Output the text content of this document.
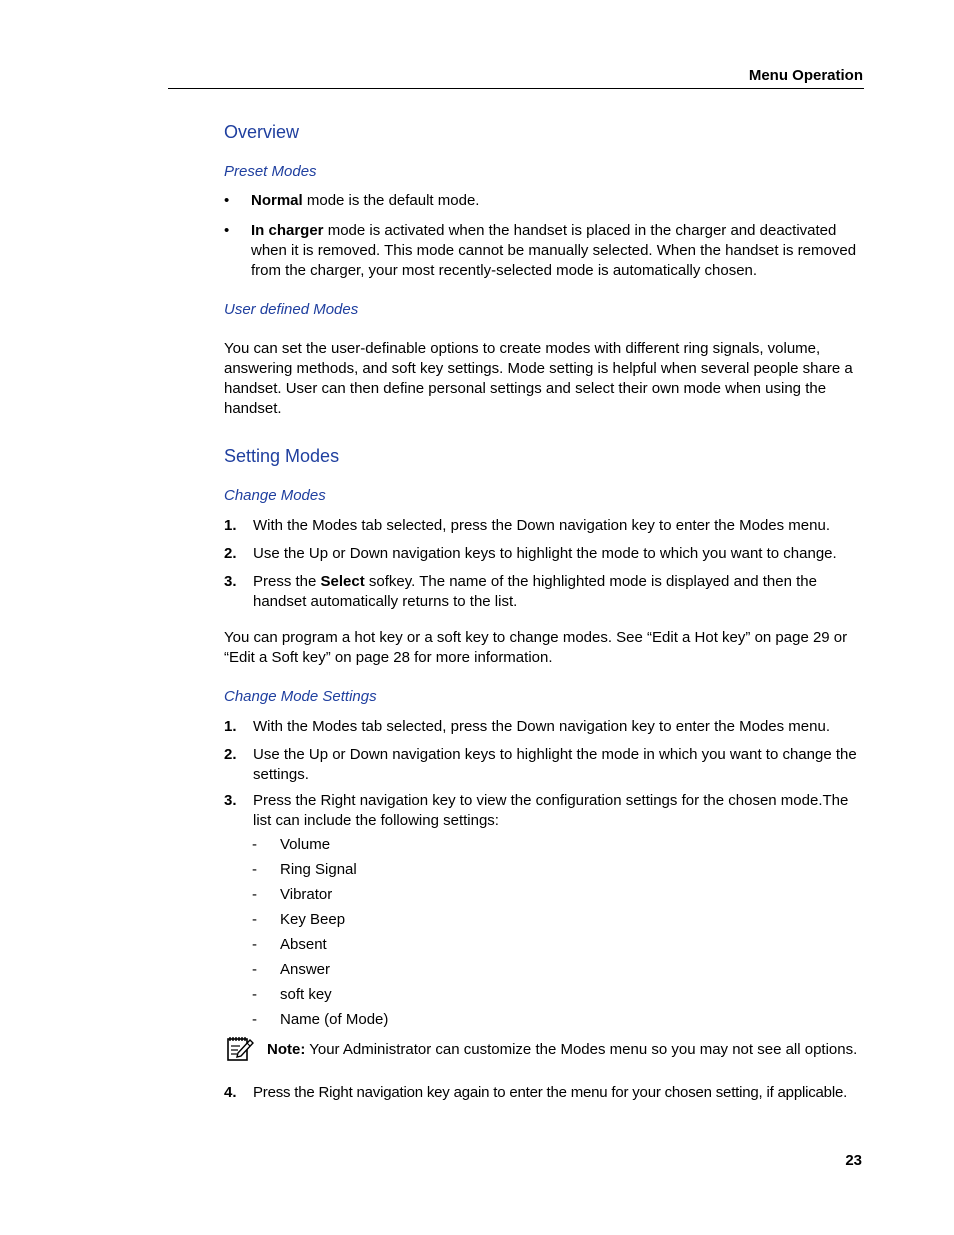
Menu Operation
Overview
Preset Modes
• Normal mode is the default mode.
• In charger mode is activated when the handset is placed in the charger and deactivated when it is removed. This mode cannot be manually selected. When the handset is removed from the charger, your most recently-selected mode is automatically chosen.
User defined Modes
You can set the user-definable options to create modes with different ring signals, volume, answering methods, and soft key settings. Mode setting is helpful when several people share a handset. User can then define personal settings and select their own mode when using the handset.
Setting Modes
Change Modes
1. With the Modes tab selected, press the Down navigation key to enter the Modes menu.
2. Use the Up or Down navigation keys to highlight the mode to which you want to change.
3. Press the Select sofkey. The name of the highlighted mode is displayed and then the handset automatically returns to the list.
You can program a hot key or a soft key to change modes. See “Edit a Hot key” on page 29 or “Edit a Soft key” on page 28 for more information.
Change Mode Settings
1. With the Modes tab selected, press the Down navigation key to enter the Modes menu.
2. Use the Up or Down navigation keys to highlight the mode in which you want to change the settings.
3. Press the Right navigation key to view the configuration settings for the chosen mode.The list can include the following settings:
- Volume
- Ring Signal
- Vibrator
- Key Beep
- Absent
- Answer
- soft key
- Name (of Mode)
Note: Your Administrator can customize the Modes menu so you may not see all options.
4. Press the Right navigation key again to enter the menu for your chosen setting, if applicable.
23
